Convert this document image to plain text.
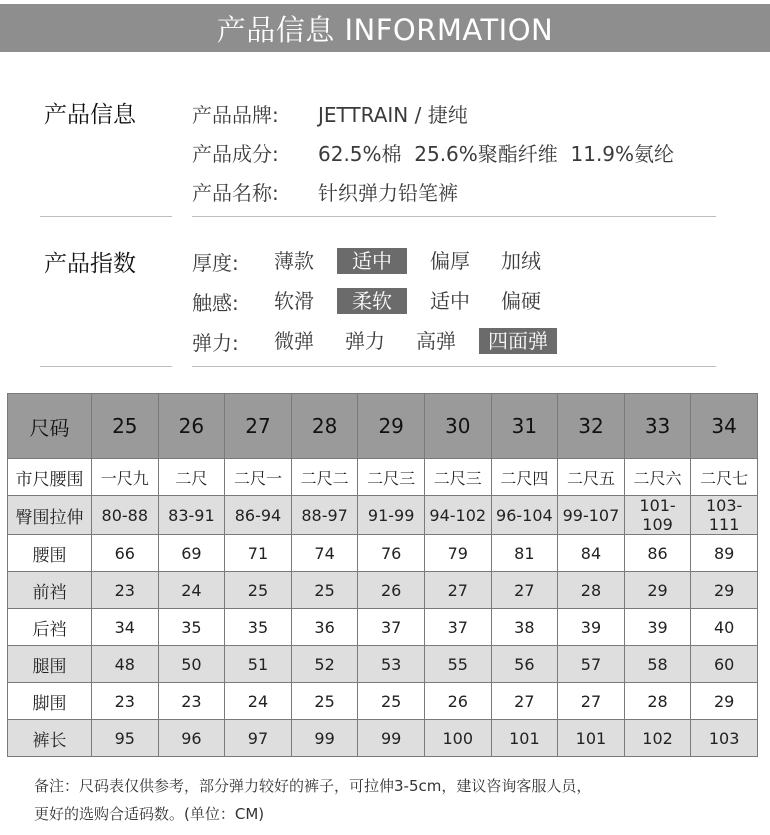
产品信息 INFORMATION
产品信息	产品品牌:	JETTRAIN / 捷纯
产品成分:	62.5%棉  25.6%聚酯纤维  11.9%氨纶
产品名称:	针织弹力铅笔裤
产品指数	厚度:	薄款	适中	偏厚	加绒
触感:	软滑	柔软	适中	偏硬
弹力:	微弹	弹力	高弹	四面弹
尺码	25	26	27	28	29	30	31	32	33	34
市尺腰围	一尺九	二尺	二尺一	二尺二	二尺三	二尺三	二尺四	二尺五	二尺六	二尺七
臀围拉伸	80-88	83-91	86-94	88-97	91-99	94-102	96-104	99-107	101-109	103-111
腰围	66	69	71	74	76	79	81	84	86	89
前裆	23	24	25	25	26	27	27	28	29	29
后裆	34	35	35	36	37	37	38	39	39	40
腿围	48	50	51	52	53	55	56	57	58	60
脚围	23	23	24	25	25	26	27	27	28	29
裤长	95	96	97	99	99	100	101	101	102	103
备注：尺码表仅供参考，部分弹力较好的裤子，可拉伸3-5cm，建议咨询客服人员，
更好的选购合适码数。(单位：CM)
